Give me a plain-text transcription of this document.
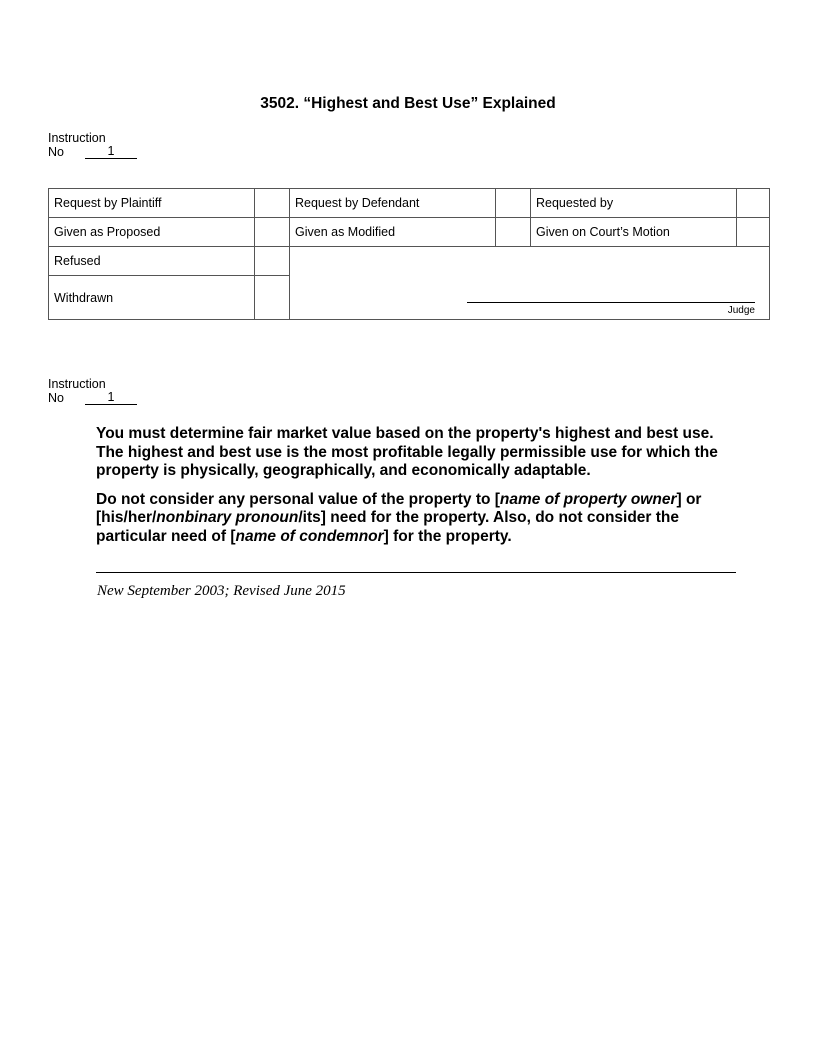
3502. “Highest and Best Use” Explained
Instruction
No	1
Request by Plaintiff		Request by Defendant		Requested by	
Given as Proposed		Given as Modified		Given on Court’s Motion	
Refused		Judge			

Withdrawn					
Instruction
No	1

You must determine fair market value based on the property's highest and best use. The highest and best use is the most profitable legally permissible use for which the property is physically, geographically, and economically adaptable.

Do not consider any personal value of the property to [name of property owner] or [his/her/nonbinary pronoun/its] need for the property. Also, do not consider the particular need of [name of condemnor] for the property.

New September 2003; Revised June 2015
